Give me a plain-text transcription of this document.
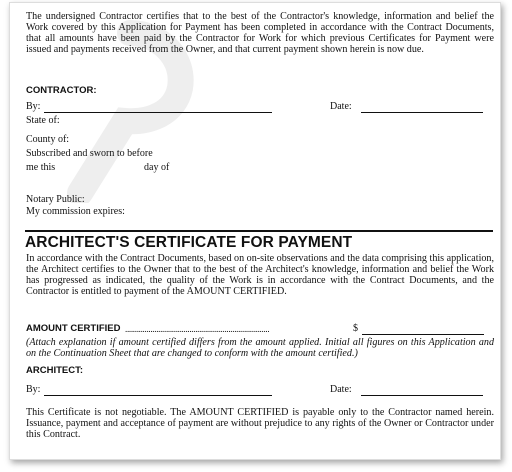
The undersigned Contractor certifies that to the best of the Contractor's knowledge, information and belief the Work covered by this Application for Payment has been completed in accordance with the Contract Documents, that all amounts have been paid by the Contractor for Work for which previous Certificates for Payment were issued and payments received from the Owner, and that current payment shown herein is now due.
CONTRACTOR:
By:	Date:
State of:
County of:
Subscribed and sworn to before
me this	day of
Notary Public:
My commission expires:
ARCHITECT'S CERTIFICATE FOR PAYMENT
In accordance with the Contract Documents, based on on-site observations and the data comprising this application, the Architect certifies to the Owner that to the best of the Architect's knowledge, information and belief the Work has progressed as indicated, the quality of the Work is in accordance with the Contract Documents, and the Contractor is entitled to payment of the AMOUNT CERTIFIED.
AMOUNT CERTIFIED ..........................................................................	$
(Attach explanation if amount certified differs from the amount applied. Initial all figures on this Application and on the Continuation Sheet that are changed to conform with the amount certified.)
ARCHITECT:
By:	Date:
This Certificate is not negotiable. The AMOUNT CERTIFIED is payable only to the Contractor named herein. Issuance, payment and acceptance of payment are without prejudice to any rights of the Owner or Contractor under this Contract.
